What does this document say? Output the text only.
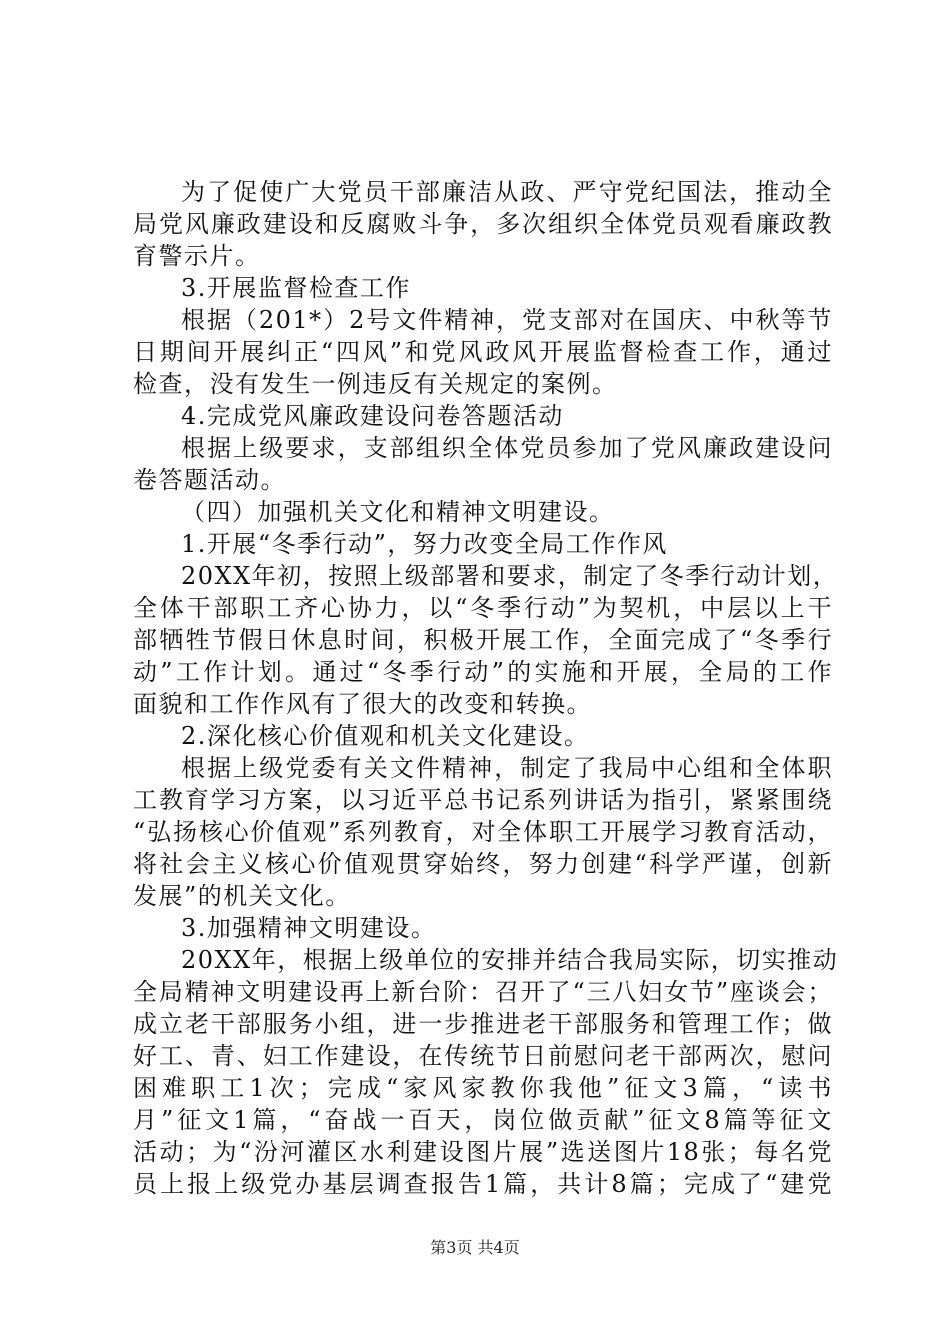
为了促使广大党员干部廉洁从政、严守党纪国法，推动全
局党风廉政建设和反腐败斗争，多次组织全体党员观看廉政教
育警示片。
3.开展监督检查工作
根据（201*）2号文件精神，党支部对在国庆、中秋等节
日期间开展纠正“四风”和党风政风开展监督检查工作，通过
检查，没有发生一例违反有关规定的案例。
4.完成党风廉政建设问卷答题活动
根据上级要求，支部组织全体党员参加了党风廉政建设问
卷答题活动。
（四）加强机关文化和精神文明建设。
1.开展“冬季行动”，努力改变全局工作作风
20XX年初，按照上级部署和要求，制定了冬季行动计划，
全体干部职工齐心协力，以“冬季行动”为契机，中层以上干
部牺牲节假日休息时间，积极开展工作，全面完成了“冬季行
动”工作计划。通过“冬季行动”的实施和开展，全局的工作
面貌和工作作风有了很大的改变和转换。
2.深化核心价值观和机关文化建设。
根据上级党委有关文件精神，制定了我局中心组和全体职
工教育学习方案，以习近平总书记系列讲话为指引，紧紧围绕
“弘扬核心价值观”系列教育，对全体职工开展学习教育活动，
将社会主义核心价值观贯穿始终，努力创建“科学严谨，创新
发展”的机关文化。
3.加强精神文明建设。
20XX年，根据上级单位的安排并结合我局实际，切实推动
全局精神文明建设再上新台阶：召开了“三八妇女节”座谈会；
成立老干部服务小组，进一步推进老干部服务和管理工作；做
好工、青、妇工作建设，在传统节日前慰问老干部两次，慰问
困难职工1次；完成“家风家教你我他”征文3篇，“读书
月”征文1篇，“奋战一百天，岗位做贡献”征文8篇等征文
活动；为“汾河灌区水利建设图片展”选送图片18张；每名党
员上报上级党办基层调查报告1篇，共计8篇；完成了“建党
第3页 共4页
